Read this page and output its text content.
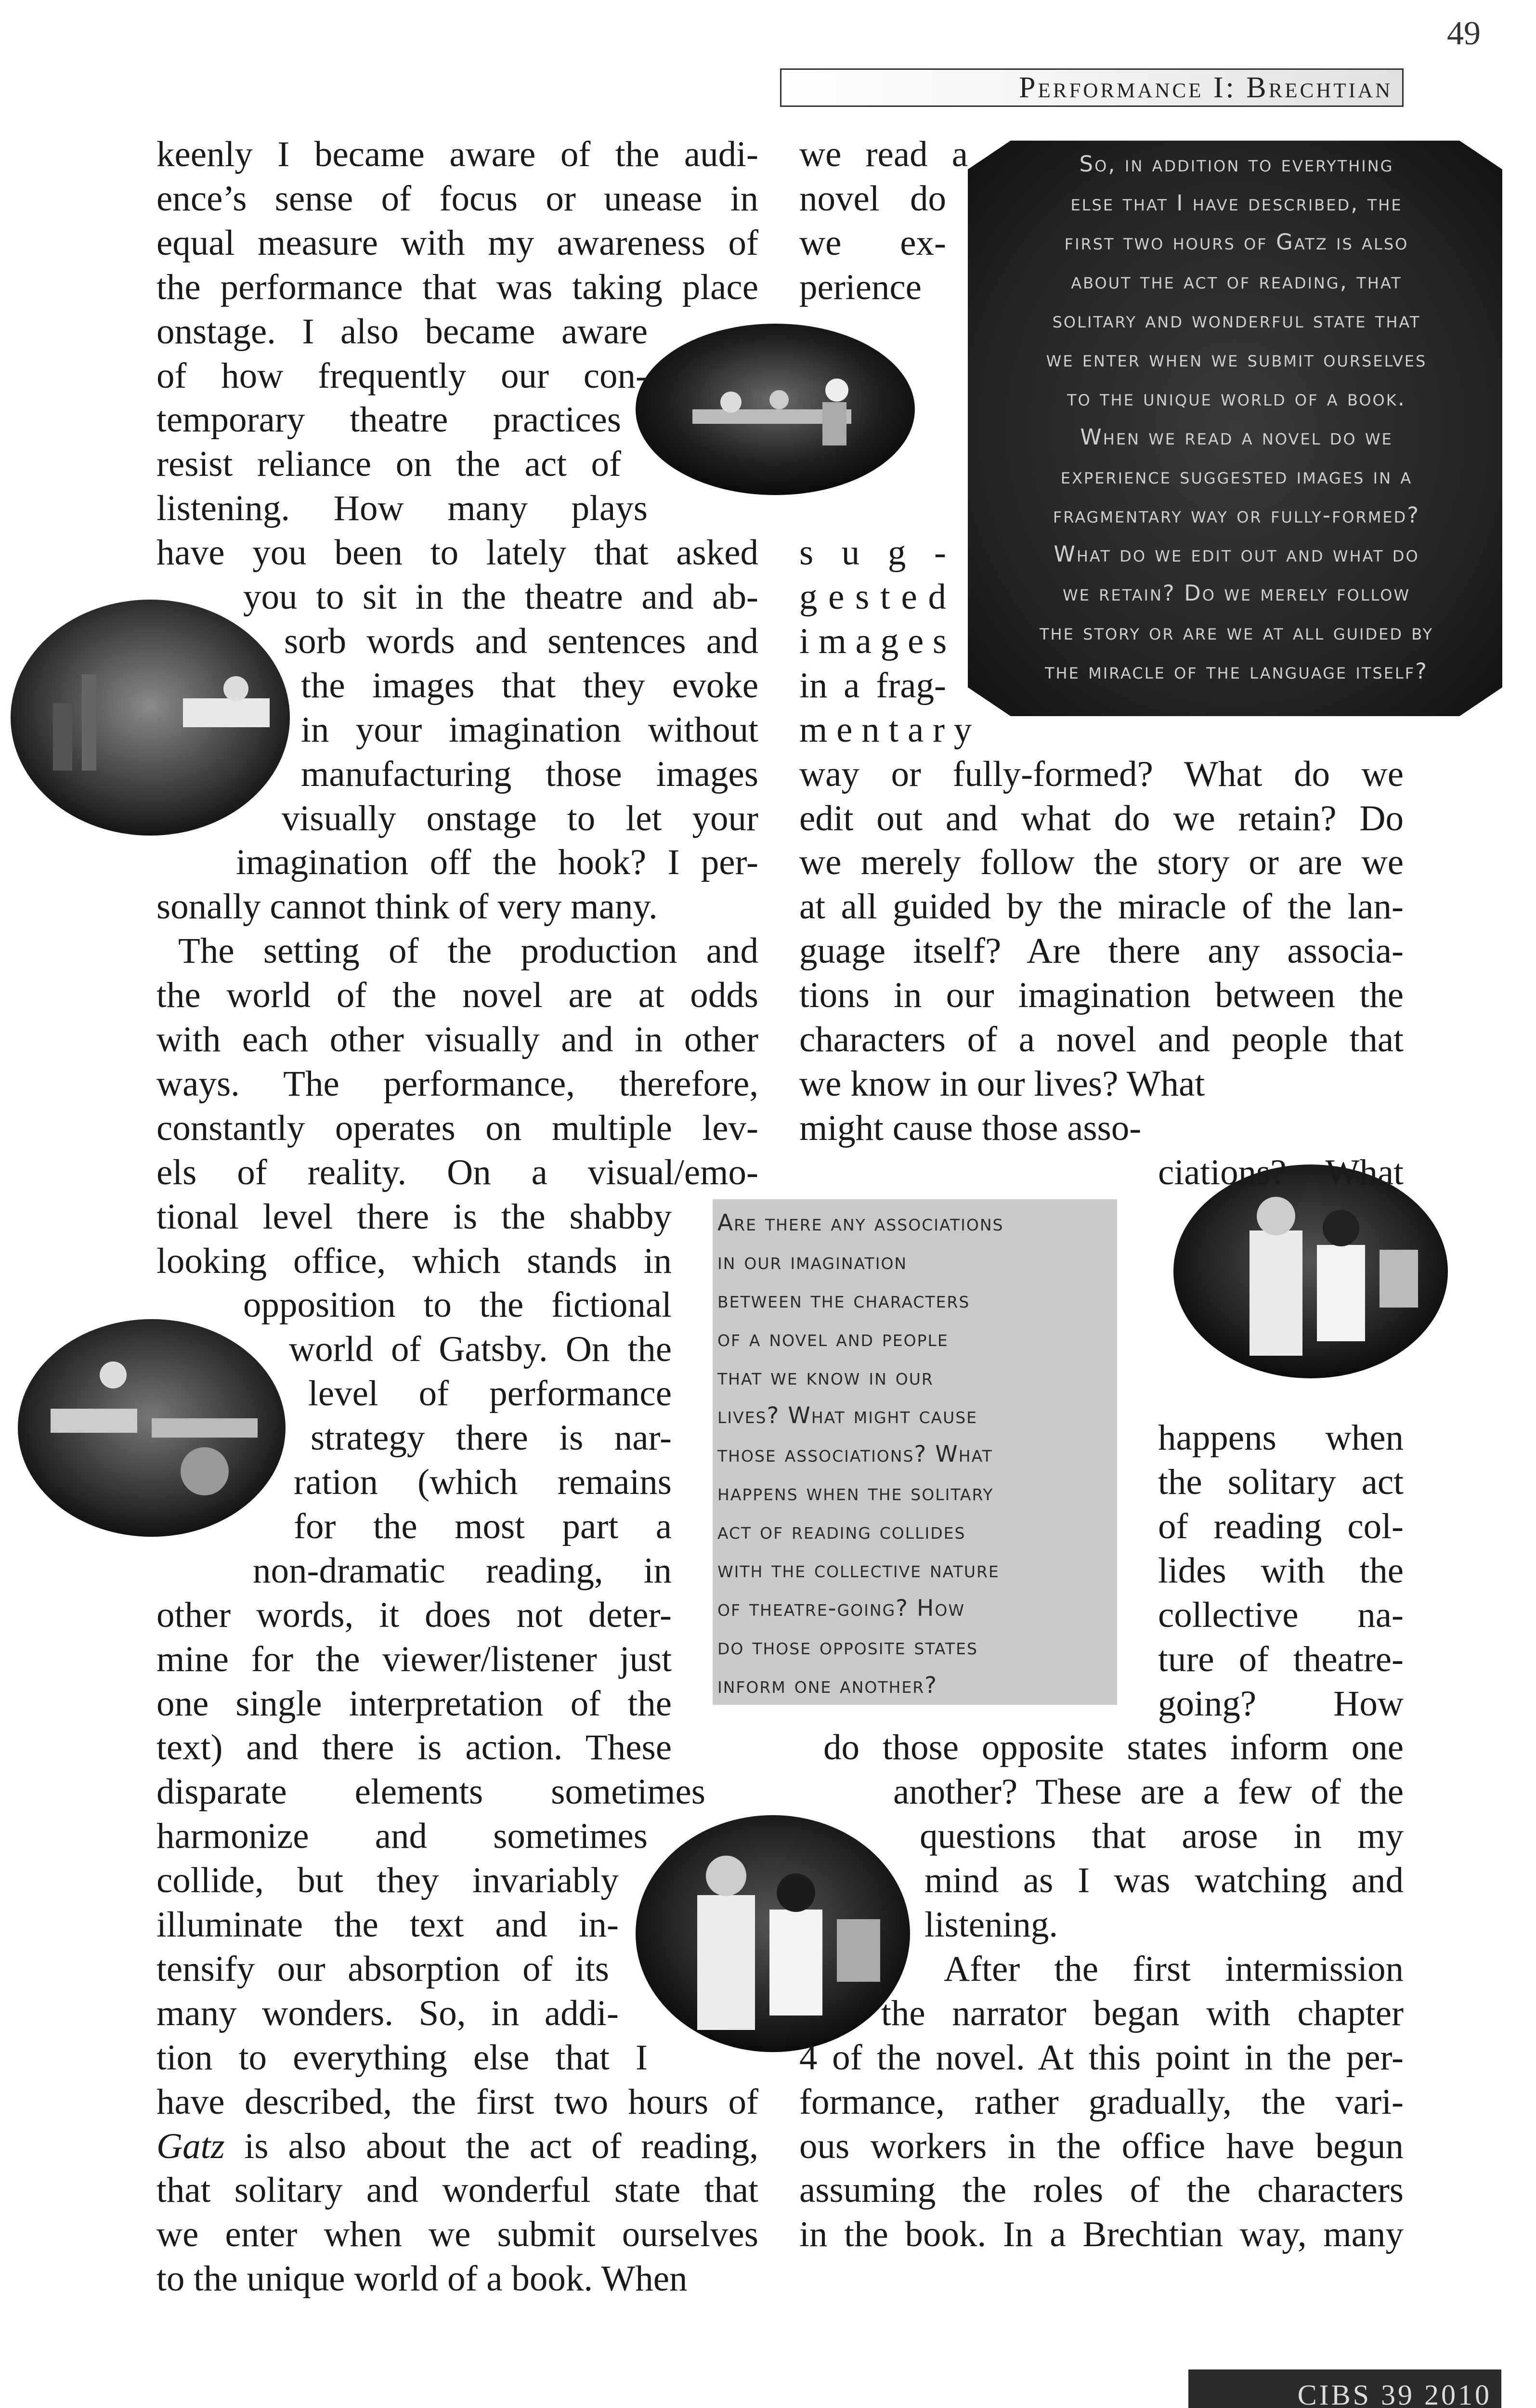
49
Performance I: Brechtian
So, in addition to everything
else that I have described, the
first two hours of Gatz is also
about the act of reading, that
solitary and wonderful state that
we enter when we submit ourselves
to the unique world of a book.
When we read a novel do we
experience suggested images in a
fragmentary way or fully-formed?
What do we edit out and what do
we retain? Do we merely follow
the story or are we at all guided by
the miracle of the language itself?
Are there any associations
in our imagination
between the characters
of a novel and people
that we know in our
lives? What might cause
those associations? What
happens when the solitary
act of reading collides
with the collective nature
of theatre-going? How
do those opposite states
inform one another?
keenly I became aware of the audi-
ence’s sense of focus or unease in
equal measure with my awareness of
the performance that was taking place
onstage. I also became aware
of how frequently our con-
temporary theatre practices
resist reliance on the act of
listening. How many plays
have you been to lately that asked
you to sit in the theatre and ab-
sorb words and sentences and
the images that they evoke
in your imagination without
manufacturing those images
visually onstage to let your
imagination off the hook? I per-
sonally cannot think of very many.
The setting of the production and
the world of the novel are at odds
with each other visually and in other
ways. The performance, therefore,
constantly operates on multiple lev-
els of reality. On a visual/emo-
tional level there is the shabby
looking office, which stands in
opposition to the fictional
world of Gatsby. On the
level of performance
strategy there is nar-
ration (which remains
for the most part a
non-dramatic reading, in
other words, it does not deter-
mine for the viewer/listener just
one single interpretation of the
text) and there is action. These
disparate elements sometimes
harmonize and sometimes
collide, but they invariably
illuminate the text and in-
tensify our absorption of its
many wonders. So, in addi-
tion to everything else that I
have described, the first two hours of
Gatz is also about the act of reading,
that solitary and wonderful state that
we enter when we submit ourselves
to the unique world of a book. When
we read a
novel do
we ex-
perience
s u g -
g e s t e d
i m a g e s
in a frag-
m e n t a r y
way or fully-formed? What do we
edit out and what do we retain? Do
we merely follow the story or are we
at all guided by the miracle of the lan-
guage itself? Are there any associa-
tions in our imagination between the
characters of a novel and people that
we know in our lives? What
might cause those asso-
ciations? What
happens when
the solitary act
of reading col-
lides with the
collective na-
ture of theatre-
going? How
do those opposite states inform one
another? These are a few of the
questions that arose in my
mind as I was watching and
listening.
After the first intermission
the narrator began with chapter
4 of the novel. At this point in the per-
formance, rather gradually, the vari-
ous workers in the office have begun
assuming the roles of the characters
in the book. In a Brechtian way, many
CIBS 39 2010
